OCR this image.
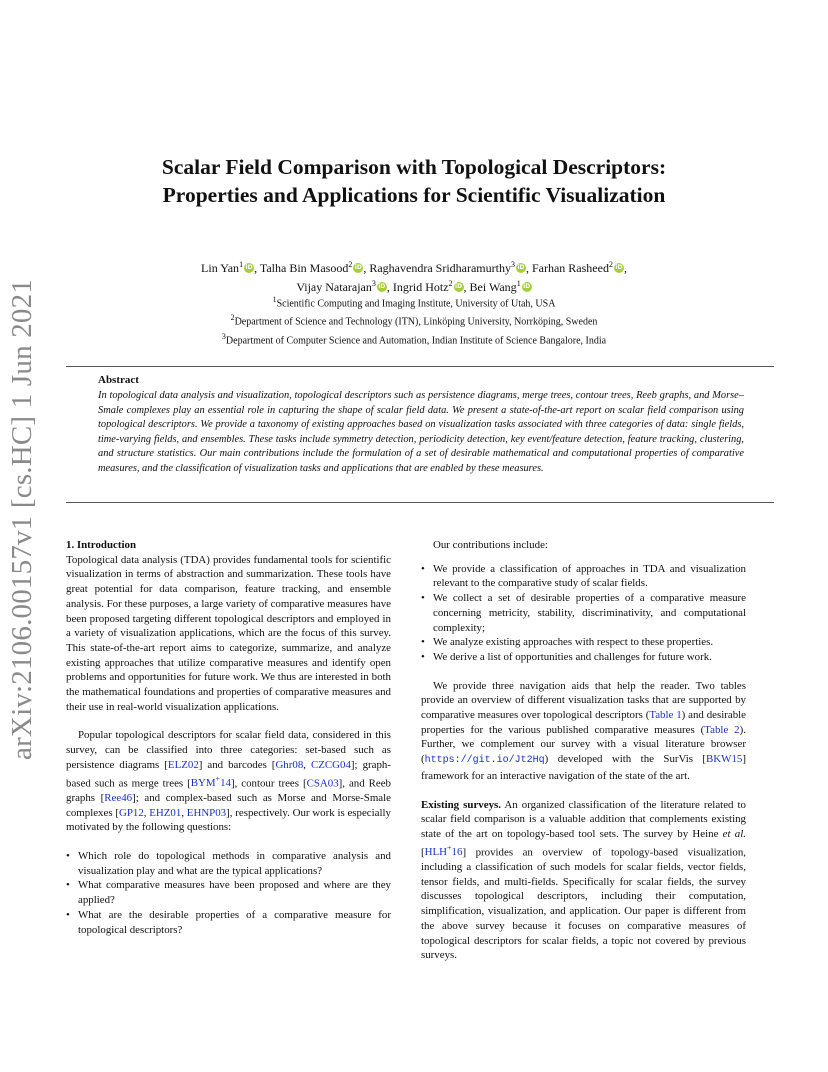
arXiv:2106.00157v1 [cs.HC] 1 Jun 2021
Scalar Field Comparison with Topological Descriptors:
Properties and Applications for Scientific Visualization
Lin Yan$^1$ iD, Talha Bin Masood$^2$ iD, Raghavendra Sridharamurthy$^3$ iD, Farhan Rasheed$^2$ iD,
Vijay Natarajan$^3$ iD, Ingrid Hotz$^2$ iD, Bei Wang$^1$ iD
$^1$Scientific Computing and Imaging Institute, University of Utah, USA
$^2$Department of Science and Technology (ITN), Linköping University, Norrköping, Sweden
$^3$Department of Computer Science and Automation, Indian Institute of Science Bangalore, India
Abstract
In topological data analysis and visualization, topological descriptors such as persistence diagrams, merge trees, contour trees, Reeb graphs, and Morse–Smale complexes play an essential role in capturing the shape of scalar field data. We present a state-of-the-art report on scalar field comparison using topological descriptors. We provide a taxonomy of existing approaches based on visualization tasks associated with three categories of data: single fields, time-varying fields, and ensembles. These tasks include symmetry detection, periodicity detection, key event/feature detection, feature tracking, clustering, and structure statistics. Our main contributions include the formulation of a set of desirable mathematical and computational properties of comparative measures, and the classification of visualization tasks and applications that are enabled by these measures.

1. Introduction

Topological data analysis (TDA) provides fundamental tools for scientific visualization in terms of abstraction and summarization. These tools have great potential for data comparison, feature tracking, and ensemble analysis. For these purposes, a large variety of comparative measures have been proposed targeting different topological descriptors and employed in a variety of visualization applications, which are the focus of this survey. This state-of-the-art report aims to categorize, summarize, and analyze existing approaches that utilize comparative measures and identify open problems and opportunities for future work. We thus are interested in both the mathematical foundations and properties of comparative measures and their use in real-world visualization applications.

Popular topological descriptors for scalar field data, considered in this survey, can be classified into three categories: set-based such as persistence diagrams [ELZ02] and barcodes [Ghr08, CZCG04]; graph-based such as merge trees [BYM+14], contour trees [CSA03], and Reeb graphs [Ree46]; and complex-based such as Morse and Morse-Smale complexes [GP12, EHZ01, EHNP03], respectively. Our work is especially motivated by the following questions:

• Which role do topological methods in comparative analysis and visualization play and what are the typical applications?
• What comparative measures have been proposed and where are they applied?
• What are the desirable properties of a comparative measure for topological descriptors?

Our contributions include:

• We provide a classification of approaches in TDA and visualization relevant to the comparative study of scalar fields.
• We collect a set of desirable properties of a comparative measure concerning metricity, stability, discriminativity, and computational complexity;
• We analyze existing approaches with respect to these properties.
• We derive a list of opportunities and challenges for future work.

We provide three navigation aids that help the reader. Two tables provide an overview of different visualization tasks that are supported by comparative measures over topological descriptors (Table 1) and desirable properties for the various published comparative measures (Table 2). Further, we complement our survey with a visual literature browser (https://git.io/Jt2Hq) developed with the SurVis [BKW15] framework for an interactive navigation of the state of the art.

Existing surveys. An organized classification of the literature related to scalar field comparison is a valuable addition that complements existing state of the art on topology-based tool sets. The survey by Heine et al. [HLH+16] provides an overview of topology-based visualization, including a classification of such models for scalar fields, vector fields, tensor fields, and multi-fields. Specifically for scalar fields, the survey discusses topological descriptors, including their computation, simplification, visualization, and application. Our paper is different from the above survey because it focuses on comparative measures of topological descriptors for scalar fields, a topic not covered by previous surveys.
